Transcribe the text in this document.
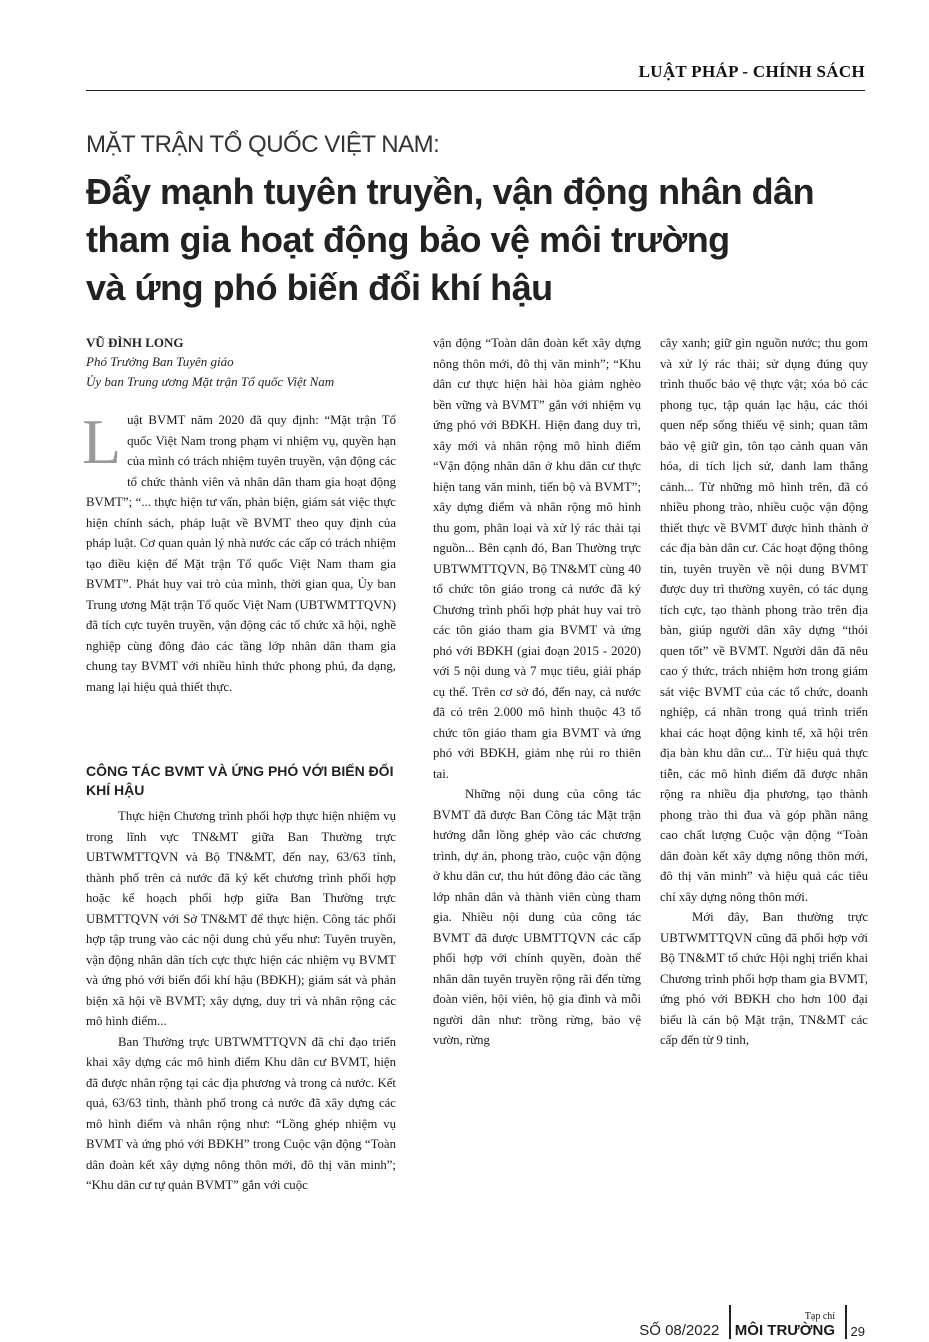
LUẬT PHÁP - CHÍNH SÁCH
MẶT TRẬN TỔ QUỐC VIỆT NAM:
Đẩy mạnh tuyên truyền, vận động nhân dân
tham gia hoạt động bảo vệ môi trường
và ứng phó biến đổi khí hậu
VŨ ĐÌNH LONG
Phó Trưởng Ban Tuyên giáo
Ủy ban Trung ương Mặt trận Tổ quốc Việt Nam

Luật BVMT năm 2020 đã quy định: “Mặt trận Tổ quốc Việt Nam trong phạm vi nhiệm vụ, quyền hạn của mình có trách nhiệm tuyên truyền, vận động các tổ chức thành viên và nhân dân tham gia hoạt động BVMT”; “... thực hiện tư vấn, phản biện, giám sát việc thực hiện chính sách, pháp luật về BVMT theo quy định của pháp luật. Cơ quan quản lý nhà nước các cấp có trách nhiệm tạo điều kiện để Mặt trận Tổ quốc Việt Nam tham gia BVMT”. Phát huy vai trò của mình, thời gian qua, Ủy ban Trung ương Mặt trận Tổ quốc Việt Nam (UBTWMTTQVN) đã tích cực tuyên truyền, vận động các tổ chức xã hội, nghề nghiệp cùng đông đảo các tầng lớp nhân dân tham gia chung tay BVMT với nhiều hình thức phong phú, đa dạng, mang lại hiệu quả thiết thực.

CÔNG TÁC BVMT VÀ ỨNG PHÓ VỚI BIẾN ĐỔI KHÍ HẬU

Thực hiện Chương trình phối hợp thực hiện nhiệm vụ trong lĩnh vực TN&MT giữa Ban Thường trực UBTWMTTQVN và Bộ TN&MT, đến nay, 63/63 tỉnh, thành phố trên cả nước đã ký kết chương trình phối hợp hoặc kế hoạch phối hợp giữa Ban Thường trực UBMTTQVN với Sở TN&MT để thực hiện. Công tác phối hợp tập trung vào các nội dung chủ yếu như: Tuyên truyền, vận động nhân dân tích cực thực hiện các nhiệm vụ BVMT và ứng phó với biến đổi khí hậu (BĐKH); giám sát và phản biện xã hội về BVMT; xây dựng, duy trì và nhân rộng các mô hình điểm...

Ban Thường trực UBTWMTTQVN đã chỉ đạo triển khai xây dựng các mô hình điểm Khu dân cư BVMT, hiện đã được nhân rộng tại các địa phương và trong cả nước. Kết quả, 63/63 tỉnh, thành phố trong cả nước đã xây dựng các mô hình điểm và nhân rộng như: “Lồng ghép nhiệm vụ BVMT và ứng phó với BĐKH” trong Cuộc vận động “Toàn dân đoàn kết xây dựng nông thôn mới, đô thị văn minh”; “Khu dân cư tự quản BVMT” gắn với cuộc

vận động “Toàn dân đoàn kết xây dựng nông thôn mới, đô thị văn minh”; “Khu dân cư thực hiện hài hòa giảm nghèo bền vững và BVMT” gắn với nhiệm vụ ứng phó với BĐKH. Hiện đang duy trì, xây mới và nhân rộng mô hình điểm “Vận động nhân dân ở khu dân cư thực hiện tang văn minh, tiến bộ và BVMT”; xây dựng điểm và nhân rộng mô hình thu gom, phân loại và xử lý rác thải tại nguồn... Bên cạnh đó, Ban Thường trực UBTWMTTQVN, Bộ TN&MT cùng 40 tổ chức tôn giáo trong cả nước đã ký Chương trình phối hợp phát huy vai trò các tôn giáo tham gia BVMT và ứng phó với BĐKH (giai đoạn 2015 - 2020) với 5 nội dung và 7 mục tiêu, giải pháp cụ thể. Trên cơ sở đó, đến nay, cả nước đã có trên 2.000 mô hình thuộc 43 tổ chức tôn giáo tham gia BVMT và ứng phó với BĐKH, giảm nhẹ rủi ro thiên tai.

Những nội dung của công tác BVMT đã được Ban Công tác Mặt trận hướng dẫn lồng ghép vào các chương trình, dự án, phong trào, cuộc vận động ở khu dân cư, thu hút đông đảo các tầng lớp nhân dân và thành viên cùng tham gia. Nhiều nội dung của công tác BVMT đã được UBMTTQVN các cấp phối hợp với chính quyền, đoàn thể nhân dân tuyên truyền rộng rãi đến từng đoàn viên, hội viên, hộ gia đình và mỗi người dân như: trồng rừng, bảo vệ vườn, rừng

cây xanh; giữ gìn nguồn nước; thu gom và xử lý rác thải; sử dụng đúng quy trình thuốc bảo vệ thực vật; xóa bỏ các phong tục, tập quán lạc hậu, các thói quen nếp sống thiếu vệ sinh; quan tâm bảo vệ giữ gìn, tôn tạo cảnh quan văn hóa, di tích lịch sử, danh lam thắng cảnh... Từ những mô hình trên, đã có nhiều phong trào, nhiều cuộc vận động thiết thực về BVMT được hình thành ở các địa bàn dân cư. Các hoạt động thông tin, tuyên truyền về nội dung BVMT được duy trì thường xuyên, có tác dụng tích cực, tạo thành phong trào trên địa bàn, giúp người dân xây dựng “thói quen tốt” về BVMT. Người dân đã nêu cao ý thức, trách nhiệm hơn trong giám sát việc BVMT của các tổ chức, doanh nghiệp, cá nhân trong quá trình triển khai các hoạt động kinh tế, xã hội trên địa bàn khu dân cư... Từ hiệu quả thực tiễn, các mô hình điểm đã được nhân rộng ra nhiều địa phương, tạo thành phong trào thi đua và góp phần nâng cao chất lượng Cuộc vận động “Toàn dân đoàn kết xây dựng nông thôn mới, đô thị văn minh” và hiệu quả các tiêu chí xây dựng nông thôn mới.

Mới đây, Ban thường trực UBTWMTTQVN cũng đã phối hợp với Bộ TN&MT tổ chức Hội nghị triển khai Chương trình phối hợp tham gia BVMT, ứng phó với BĐKH cho hơn 100 đại biểu là cán bộ Mặt trận, TN&MT các cấp đến từ 9 tỉnh,

SỐ 08/2022
Tạp chí
MÔI TRƯỜNG 29
